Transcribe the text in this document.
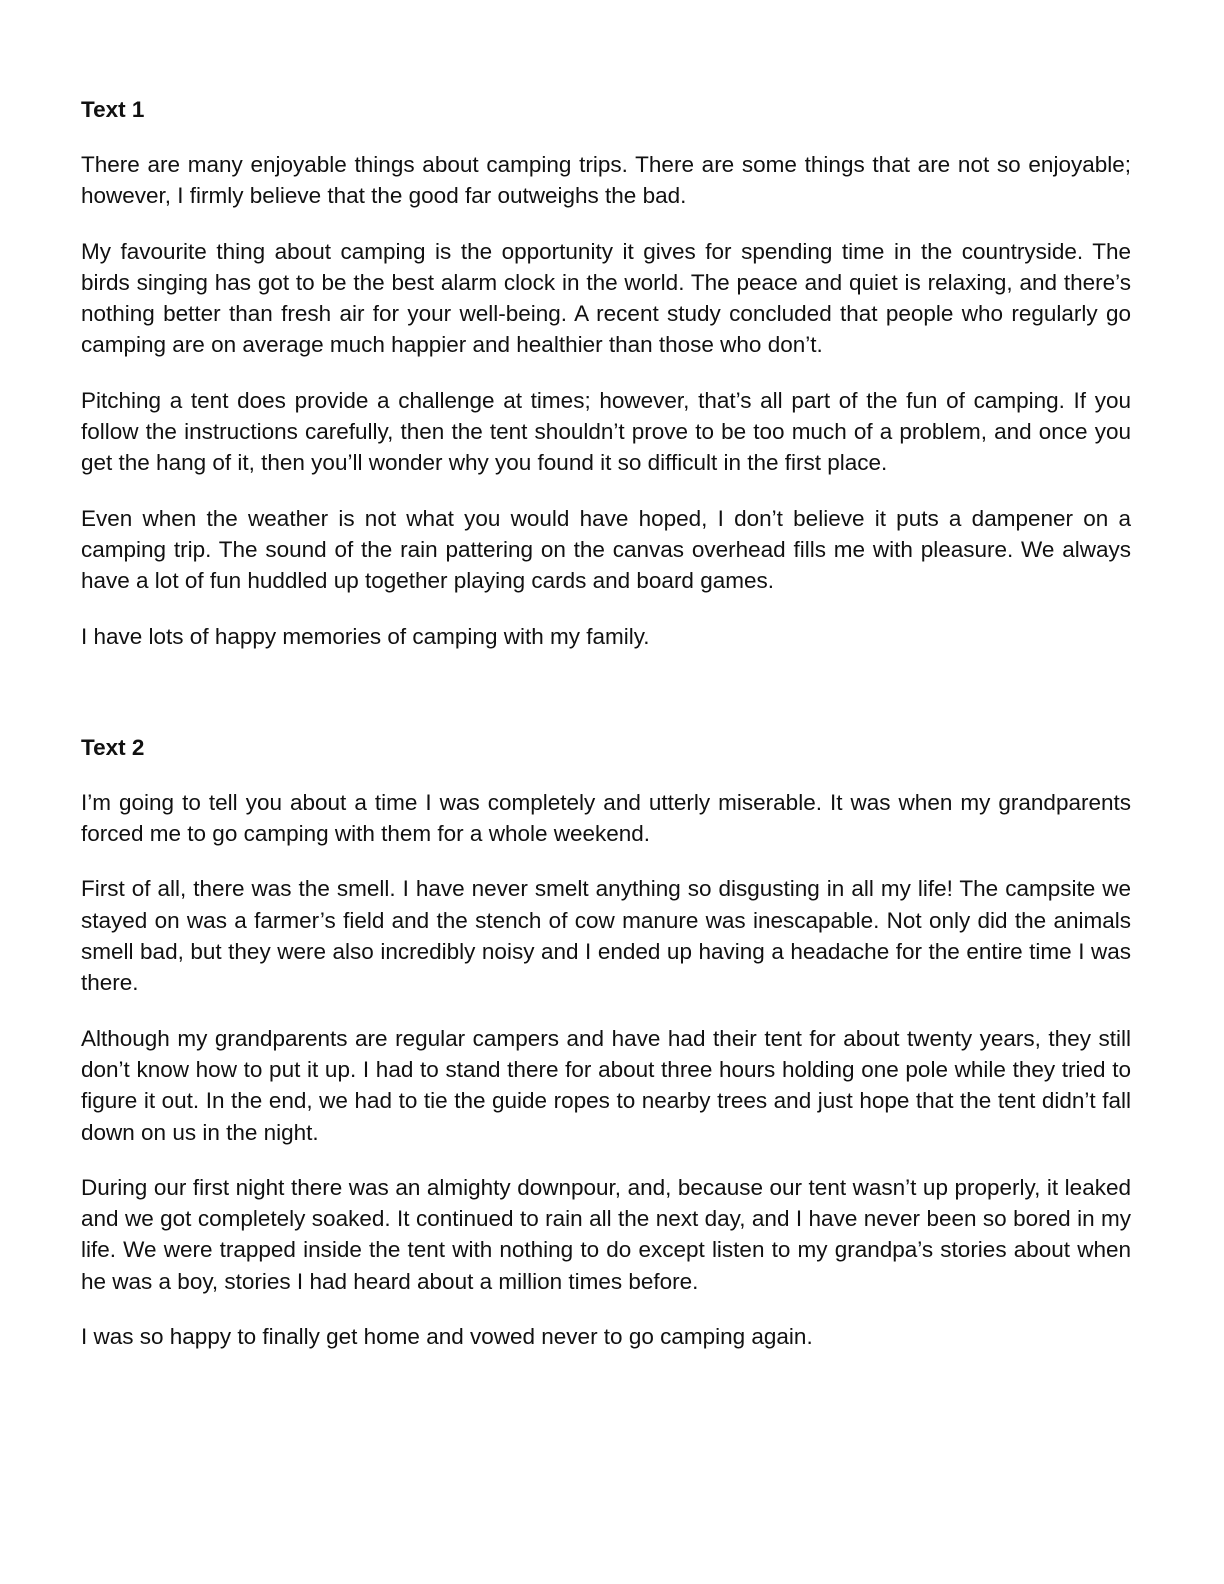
Text 1

There are many enjoyable things about camping trips. There are some things that are not so enjoyable; however, I firmly believe that the good far outweighs the bad.

My favourite thing about camping is the opportunity it gives for spending time in the countryside. The birds singing has got to be the best alarm clock in the world. The peace and quiet is relaxing, and there’s nothing better than fresh air for your well-being. A recent study concluded that people who regularly go camping are on average much happier and healthier than those who don’t.

Pitching a tent does provide a challenge at times; however, that’s all part of the fun of camping. If you follow the instructions carefully, then the tent shouldn’t prove to be too much of a problem, and once you get the hang of it, then you’ll wonder why you found it so difficult in the first place.

Even when the weather is not what you would have hoped, I don’t believe it puts a dampener on a camping trip. The sound of the rain pattering on the canvas overhead fills me with pleasure. We always have a lot of fun huddled up together playing cards and board games.

I have lots of happy memories of camping with my family.

Text 2

I’m going to tell you about a time I was completely and utterly miserable. It was when my grandparents forced me to go camping with them for a whole weekend.

First of all, there was the smell. I have never smelt anything so disgusting in all my life! The campsite we stayed on was a farmer’s field and the stench of cow manure was inescapable. Not only did the animals smell bad, but they were also incredibly noisy and I ended up having a headache for the entire time I was there.

Although my grandparents are regular campers and have had their tent for about twenty years, they still don’t know how to put it up. I had to stand there for about three hours holding one pole while they tried to figure it out. In the end, we had to tie the guide ropes to nearby trees and just hope that the tent didn’t fall down on us in the night.

During our first night there was an almighty downpour, and, because our tent wasn’t up properly, it leaked and we got completely soaked. It continued to rain all the next day, and I have never been so bored in my life. We were trapped inside the tent with nothing to do except listen to my grandpa’s stories about when he was a boy, stories I had heard about a million times before.

I was so happy to finally get home and vowed never to go camping again.
